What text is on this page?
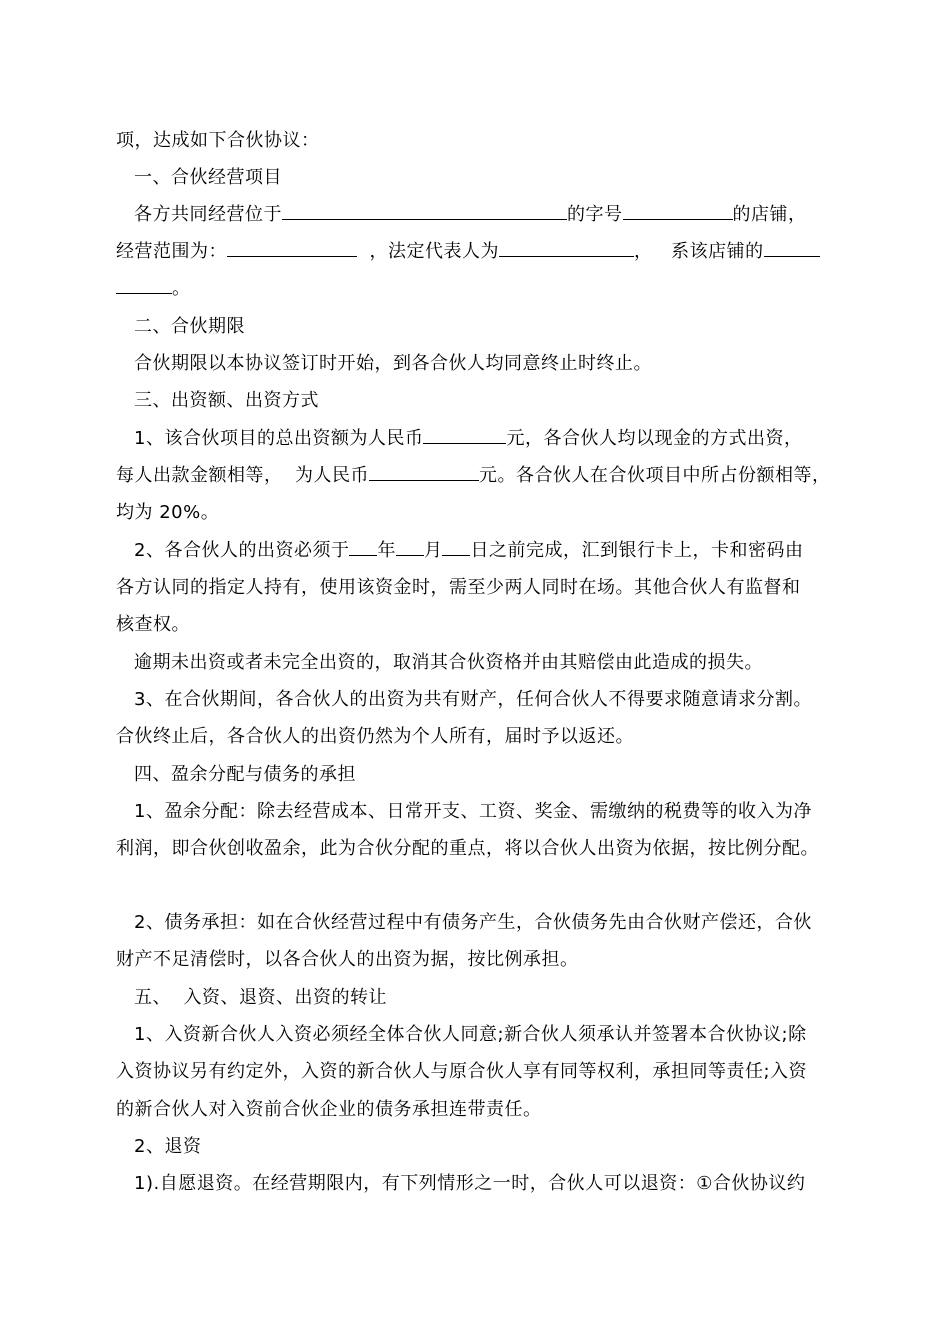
项，达成如下合伙协议：
一、合伙经营项目
各方共同经营位于	的字号	的店铺，
经营范围为：	，法定代表人为	， 系该店铺的
。
二、合伙期限
合伙期限以本协议签订时开始，到各合伙人均同意终止时终止。
三、出资额、出资方式
1、该合伙项目的总出资额为人民币	元，各合伙人均以现金的方式出资，
每人出款金额相等，  为人民币	元。各合伙人在合伙项目中所占份额相等，
均为 20%。
2、各合伙人的出资必须于 年 月 日之前完成，汇到银行卡上，卡和密码由
各方认同的指定人持有，使用该资金时，需至少两人同时在场。其他合伙人有监督和
核查权。
逾期未出资或者未完全出资的，取消其合伙资格并由其赔偿由此造成的损失。
3、在合伙期间，各合伙人的出资为共有财产，任何合伙人不得要求随意请求分割。
合伙终止后，各合伙人的出资仍然为个人所有，届时予以返还。
四、盈余分配与债务的承担
1、盈余分配：除去经营成本、日常开支、工资、奖金、需缴纳的税费等的收入为净
利润，即合伙创收盈余，此为合伙分配的重点，将以合伙人出资为依据，按比例分配。
2、债务承担：如在合伙经营过程中有债务产生，合伙债务先由合伙财产偿还，合伙
财产不足清偿时，以各合伙人的出资为据，按比例承担。
五、  入资、退资、出资的转让
1、入资新合伙人入资必须经全体合伙人同意;新合伙人须承认并签署本合伙协议;除
入资协议另有约定外，入资的新合伙人与原合伙人享有同等权利，承担同等责任;入资
的新合伙人对入资前合伙企业的债务承担连带责任。
2、退资
1).自愿退资。在经营期限内，有下列情形之一时，合伙人可以退资：①合伙协议约
